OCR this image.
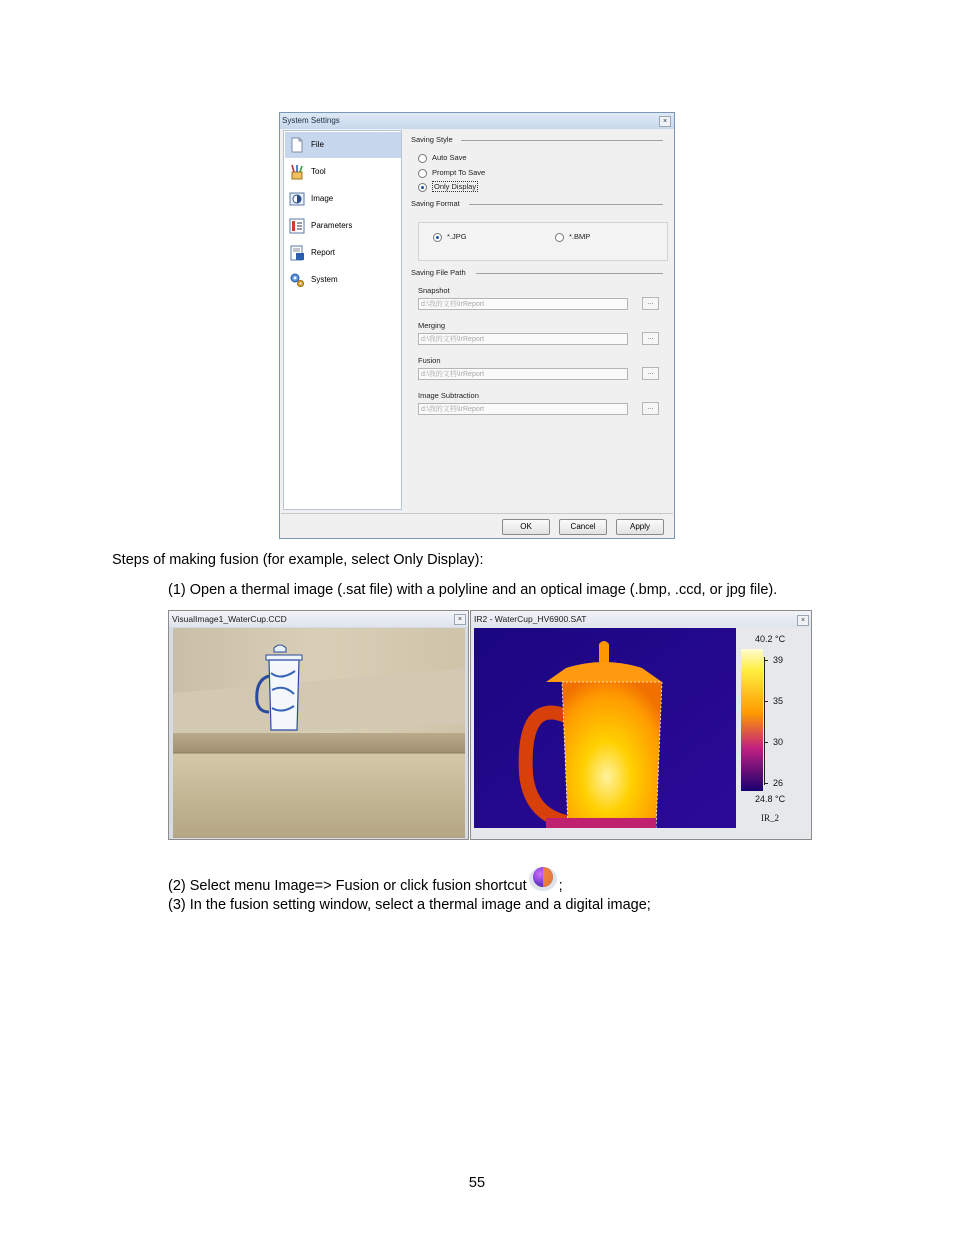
System Settings	×
File
Tool
Image
Parameters
Report
System
Saving Style
Auto Save
Prompt To Save
Only Display
Saving Format
*.JPG	*.BMP
Saving File Path
Snapshot
d:\我的文档\IrReport	...
Merging
d:\我的文档\IrReport	...
Fusion
d:\我的文档\IrReport	...
Image Subtraction
d:\我的文档\IrReport	...
OK	Cancel	Apply
Steps of making fusion (for example, select Only Display):
(1) Open a thermal image (.sat file) with a polyline and an optical image (.bmp, .ccd, or jpg file).
VisualImage1_WaterCup.CCD	×	IR2 - WaterCup_HV6900.SAT	×
40.2 °C
39
35
30
26
24.8 °C
IR_2
(2) Select menu Image=> Fusion or click fusion shortcut ;
(3) In the fusion setting window, select a thermal image and a digital image;
55
